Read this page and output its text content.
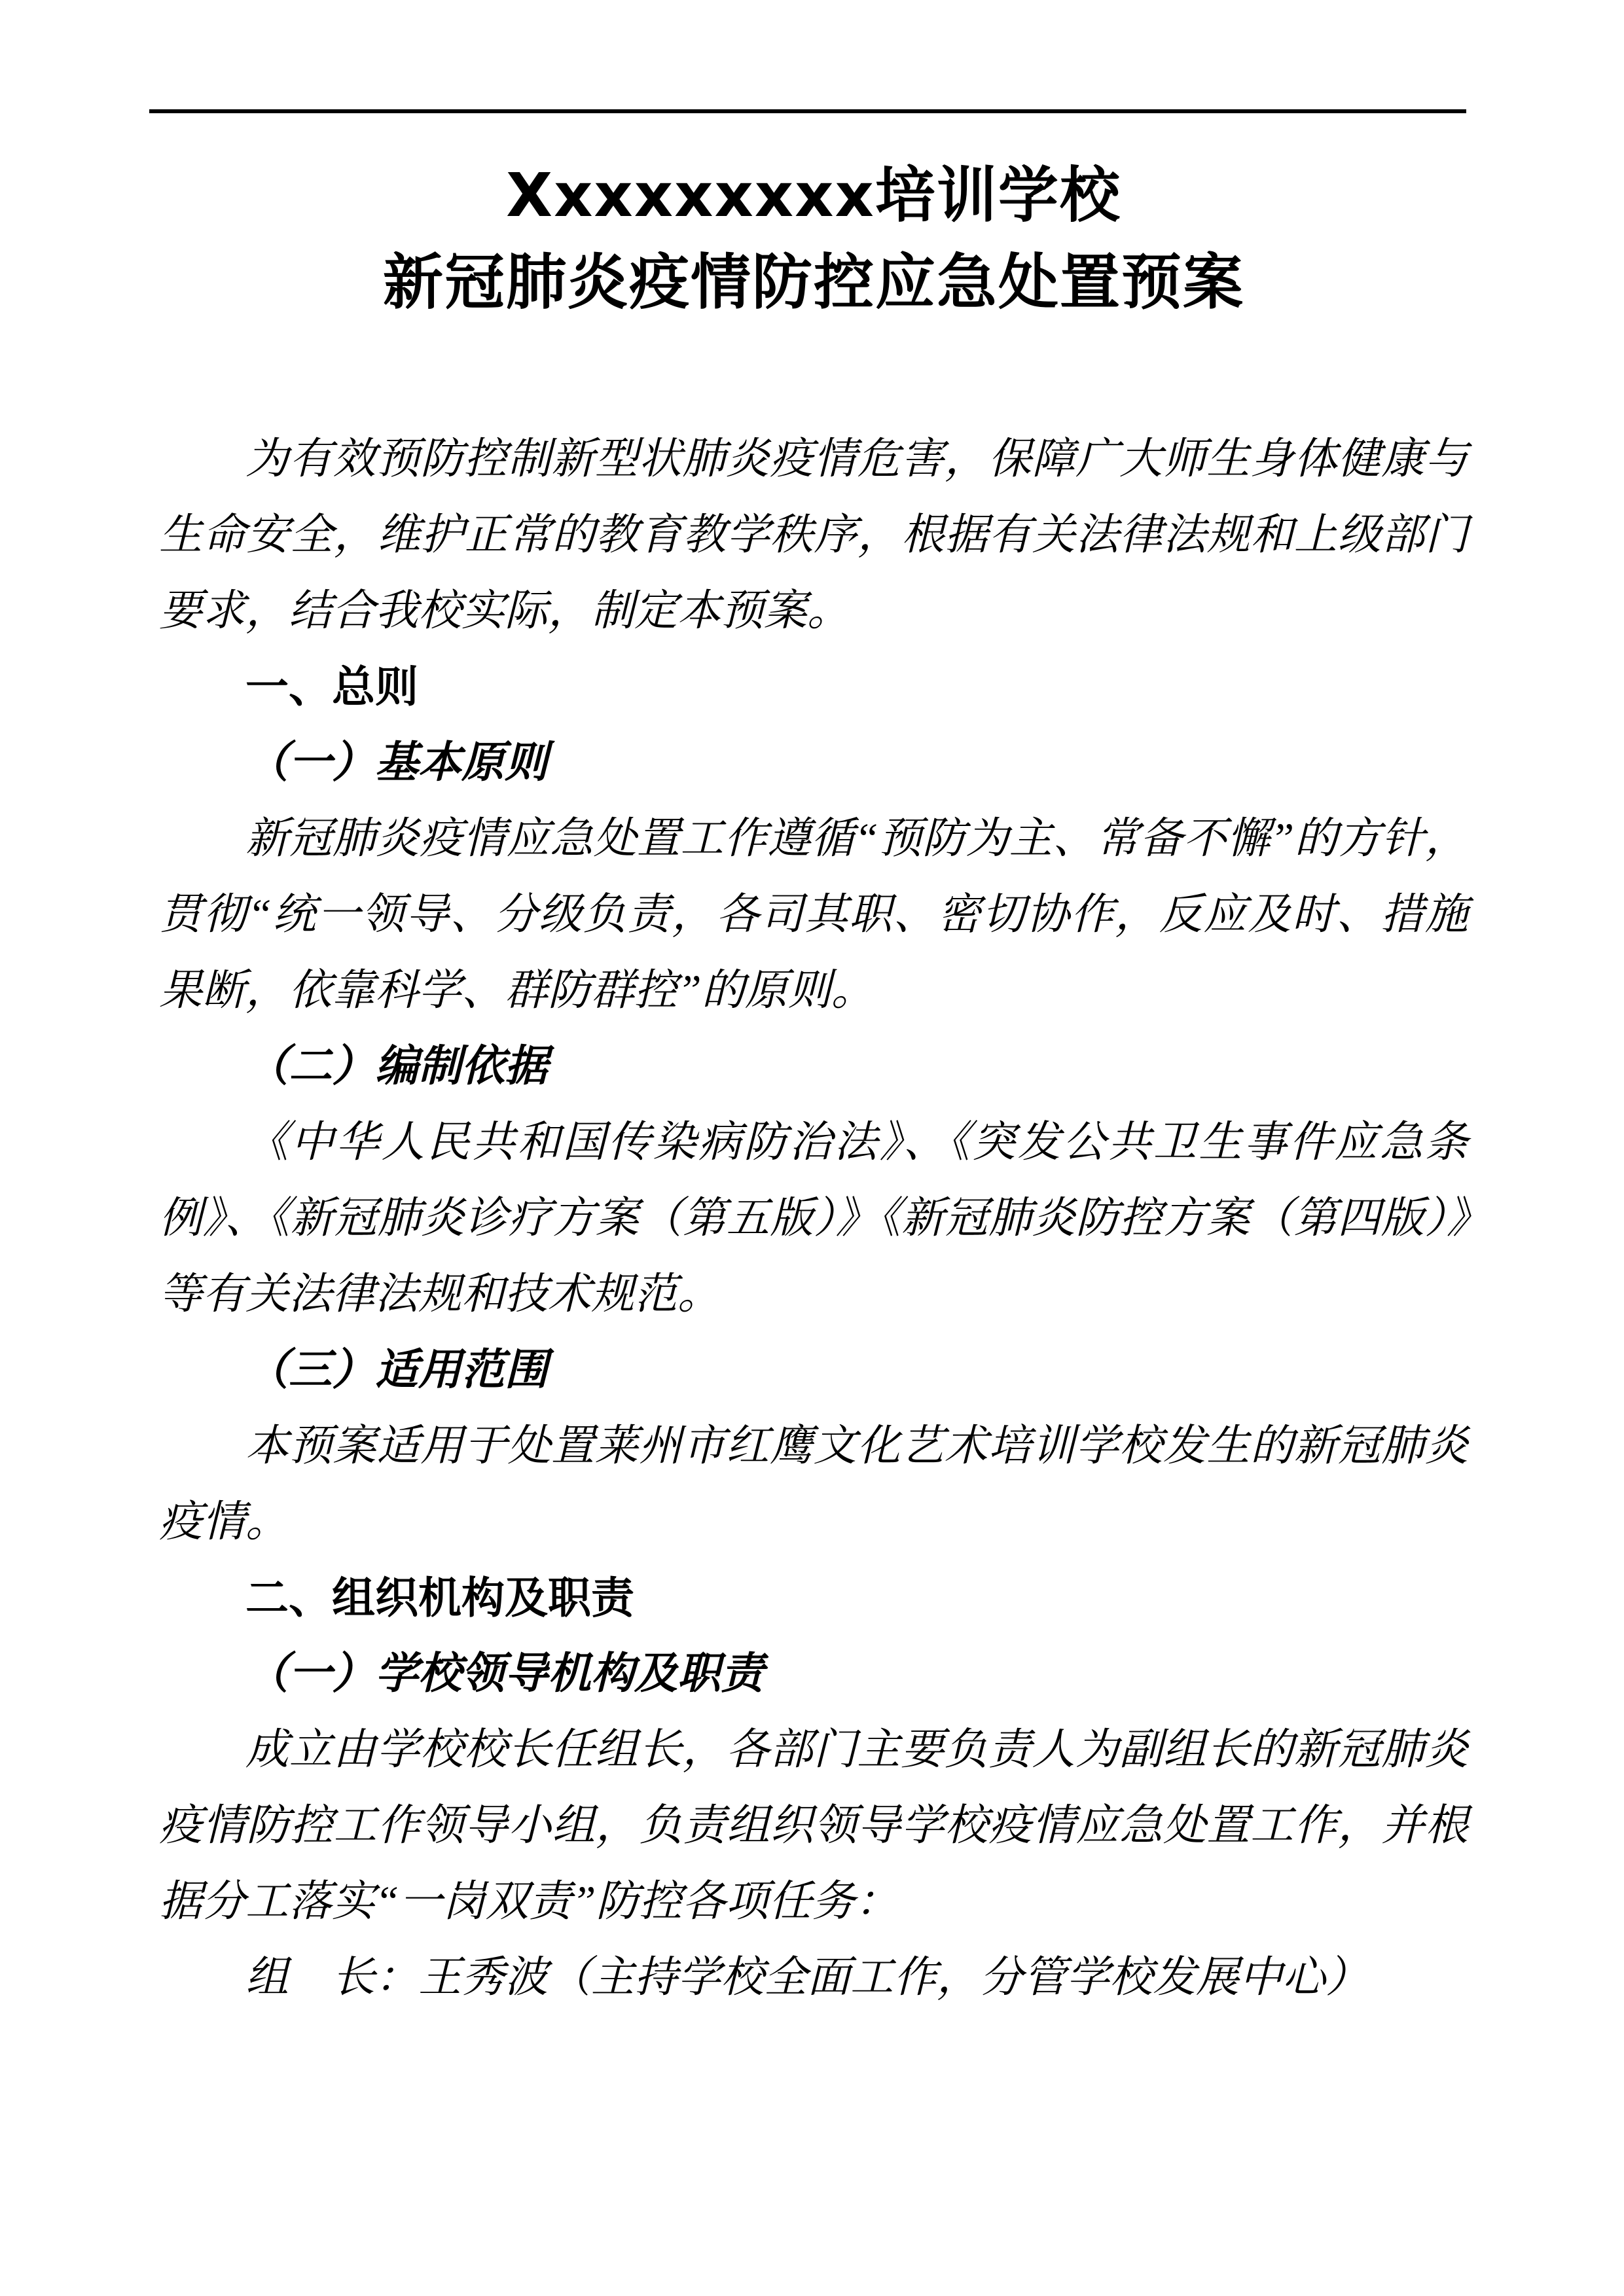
Xxxxxxxxx培训学校
新冠肺炎疫情防控应急处置预案

为有效预防控制新型状肺炎疫情危害，保障广大师生身体健康与生命安全，维护正常的教育教学秩序，根据有关法律法规和上级部门要求，结合我校实际，制定本预案。

一、总则

（一）基本原则

新冠肺炎疫情应急处置工作遵循“预防为主、常备不懈”的方针，贯彻“统一领导、分级负责，各司其职、密切协作，反应及时、措施果断，依靠科学、群防群控”的原则。

（二）编制依据

《中华人民共和国传染病防治法》、《突发公共卫生事件应急条例》、《新冠肺炎诊疗方案（第五版）》《新冠肺炎防控方案（第四版）》等有关法律法规和技术规范。

（三）适用范围

本预案适用于处置莱州市红鹰文化艺术培训学校发生的新冠肺炎疫情。

二、组织机构及职责

（一）学校领导机构及职责

成立由学校校长任组长，各部门主要负责人为副组长的新冠肺炎疫情防控工作领导小组，负责组织领导学校疫情应急处置工作，并根据分工落实“一岗双责”防控各项任务：

组　长：王秀波（主持学校全面工作，分管学校发展中心）
